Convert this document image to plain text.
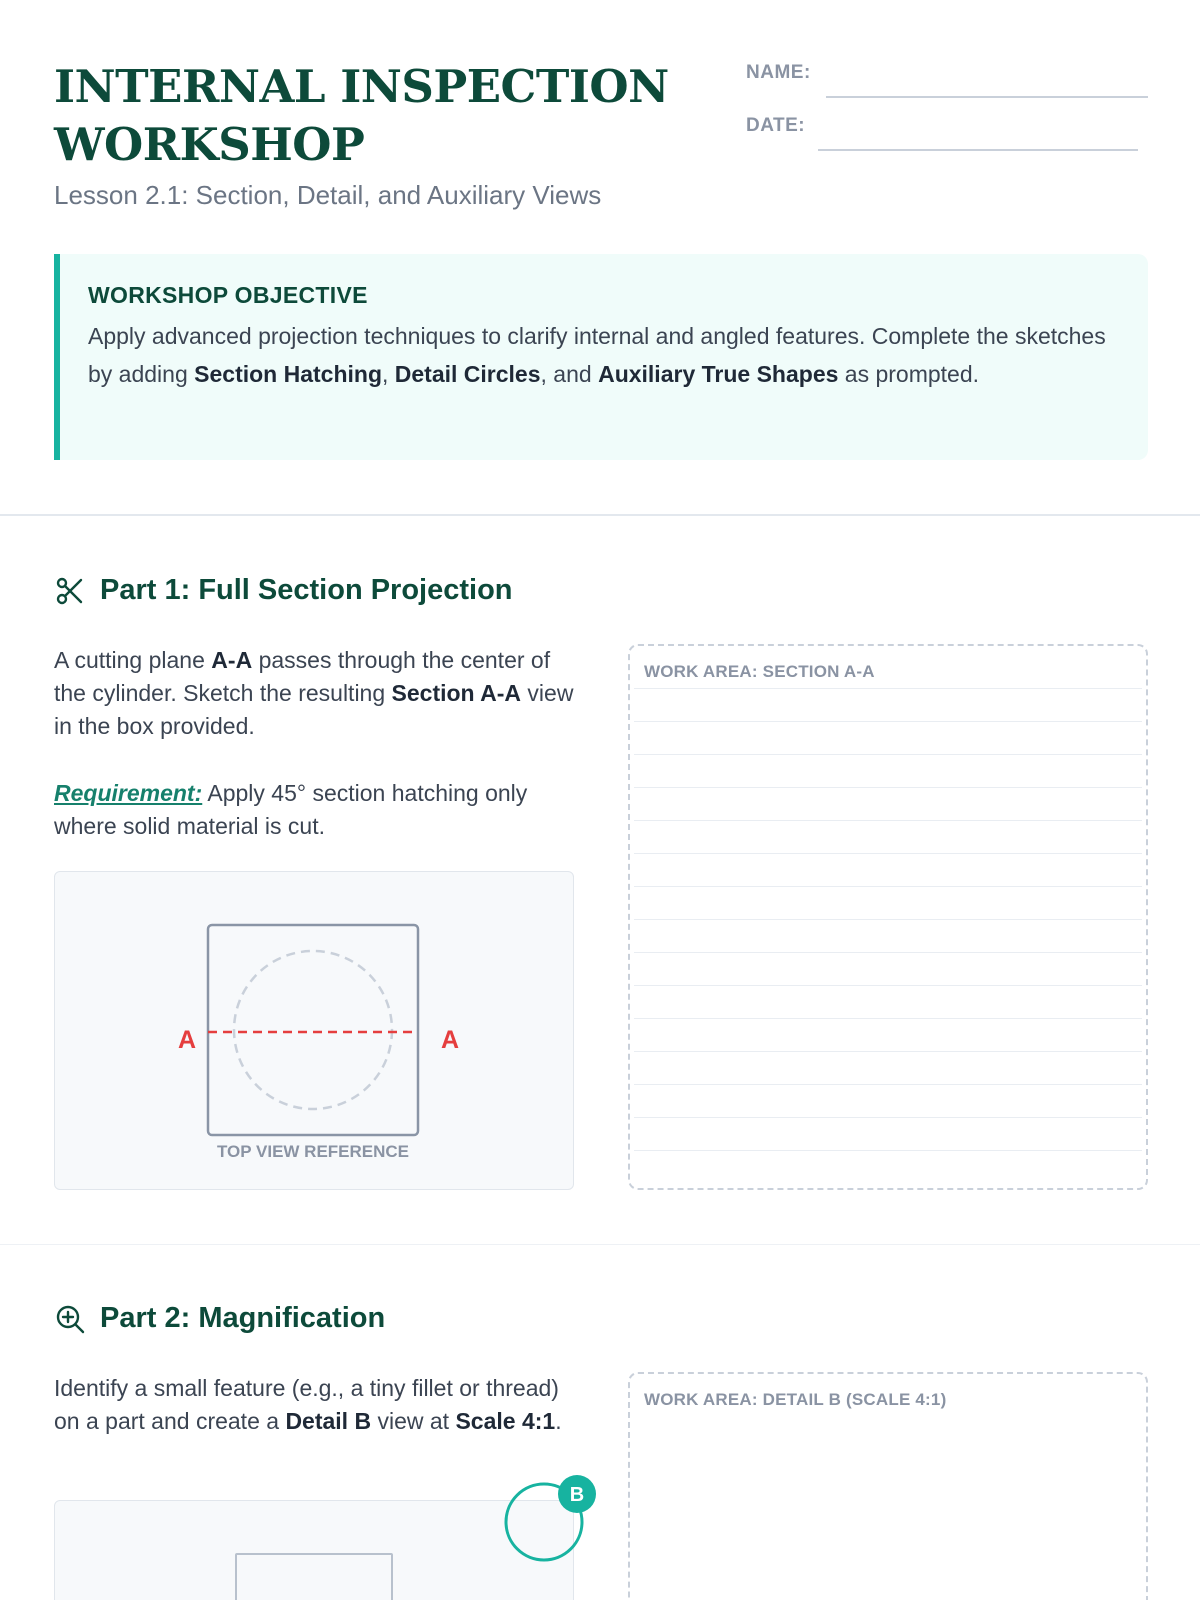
INTERNAL INSPECTION
WORKSHOP
Lesson 2.1: Section, Detail, and Auxiliary Views
NAME:
DATE:
WORKSHOP OBJECTIVE
Apply advanced projection techniques to clarify internal and angled features. Complete the sketches by adding Section Hatching, Detail Circles, and Auxiliary True Shapes as prompted.
Part 1: Full Section Projection
A cutting plane A-A passes through the center of the cylinder. Sketch the resulting Section A-A view in the box provided.
Requirement: Apply 45° section hatching only where solid material is cut.
A	A
TOP VIEW REFERENCE
WORK AREA: SECTION A-A
Part 2: Magnification
Identify a small feature (e.g., a tiny fillet or thread) on a part and create a Detail B view at Scale 4:1.
B
WORK AREA: DETAIL B (SCALE 4:1)
